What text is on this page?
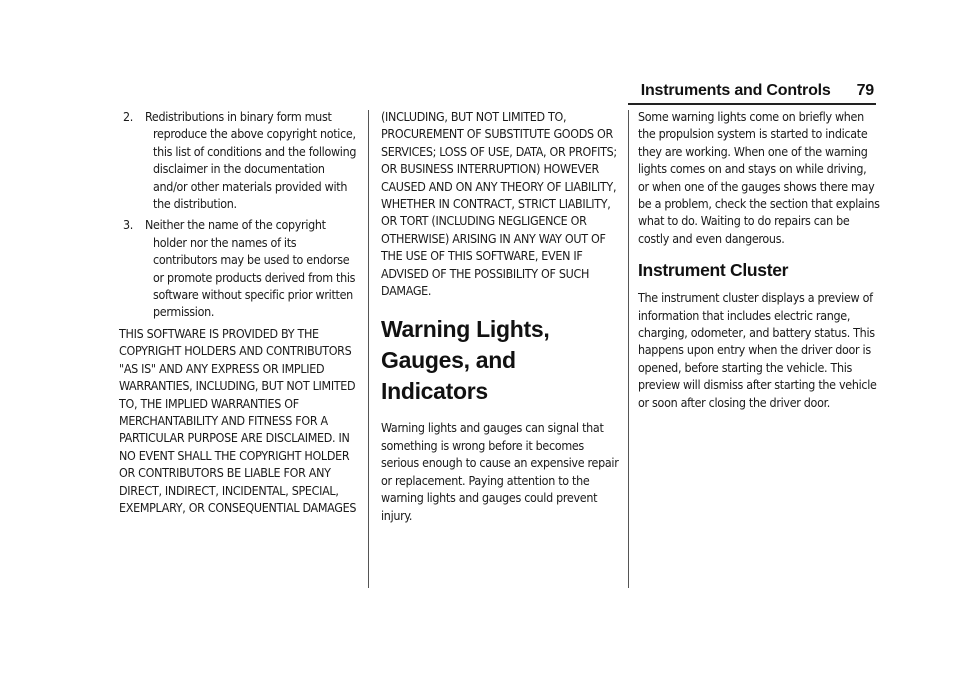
Instruments and Controls 79
2. Redistributions in binary form must reproduce the above copyright notice, this list of conditions and the following disclaimer in the documentation and/or other materials provided with the distribution.
3. Neither the name of the copyright holder nor the names of its contributors may be used to endorse or promote products derived from this software without specific prior written permission.

THIS SOFTWARE IS PROVIDED BY THE COPYRIGHT HOLDERS AND CONTRIBUTORS "AS IS" AND ANY EXPRESS OR IMPLIED WARRANTIES, INCLUDING, BUT NOT LIMITED TO, THE IMPLIED WARRANTIES OF MERCHANTABILITY AND FITNESS FOR A PARTICULAR PURPOSE ARE DISCLAIMED. IN NO EVENT SHALL THE COPYRIGHT HOLDER OR CONTRIBUTORS BE LIABLE FOR ANY DIRECT, INDIRECT, INCIDENTAL, SPECIAL, EXEMPLARY, OR CONSEQUENTIAL DAMAGES

(INCLUDING, BUT NOT LIMITED TO, PROCUREMENT OF SUBSTITUTE GOODS OR SERVICES; LOSS OF USE, DATA, OR PROFITS; OR BUSINESS INTERRUPTION) HOWEVER CAUSED AND ON ANY THEORY OF LIABILITY, WHETHER IN CONTRACT, STRICT LIABILITY, OR TORT (INCLUDING NEGLIGENCE OR OTHERWISE) ARISING IN ANY WAY OUT OF THE USE OF THIS SOFTWARE, EVEN IF ADVISED OF THE POSSIBILITY OF SUCH DAMAGE.

Warning Lights, Gauges, and Indicators

Warning lights and gauges can signal that something is wrong before it becomes serious enough to cause an expensive repair or replacement. Paying attention to the warning lights and gauges could prevent injury.

Some warning lights come on briefly when the propulsion system is started to indicate they are working. When one of the warning lights comes on and stays on while driving, or when one of the gauges shows there may be a problem, check the section that explains what to do. Waiting to do repairs can be costly and even dangerous.

Instrument Cluster

The instrument cluster displays a preview of information that includes electric range, charging, odometer, and battery status. This happens upon entry when the driver door is opened, before starting the vehicle. This preview will dismiss after starting the vehicle or soon after closing the driver door.
